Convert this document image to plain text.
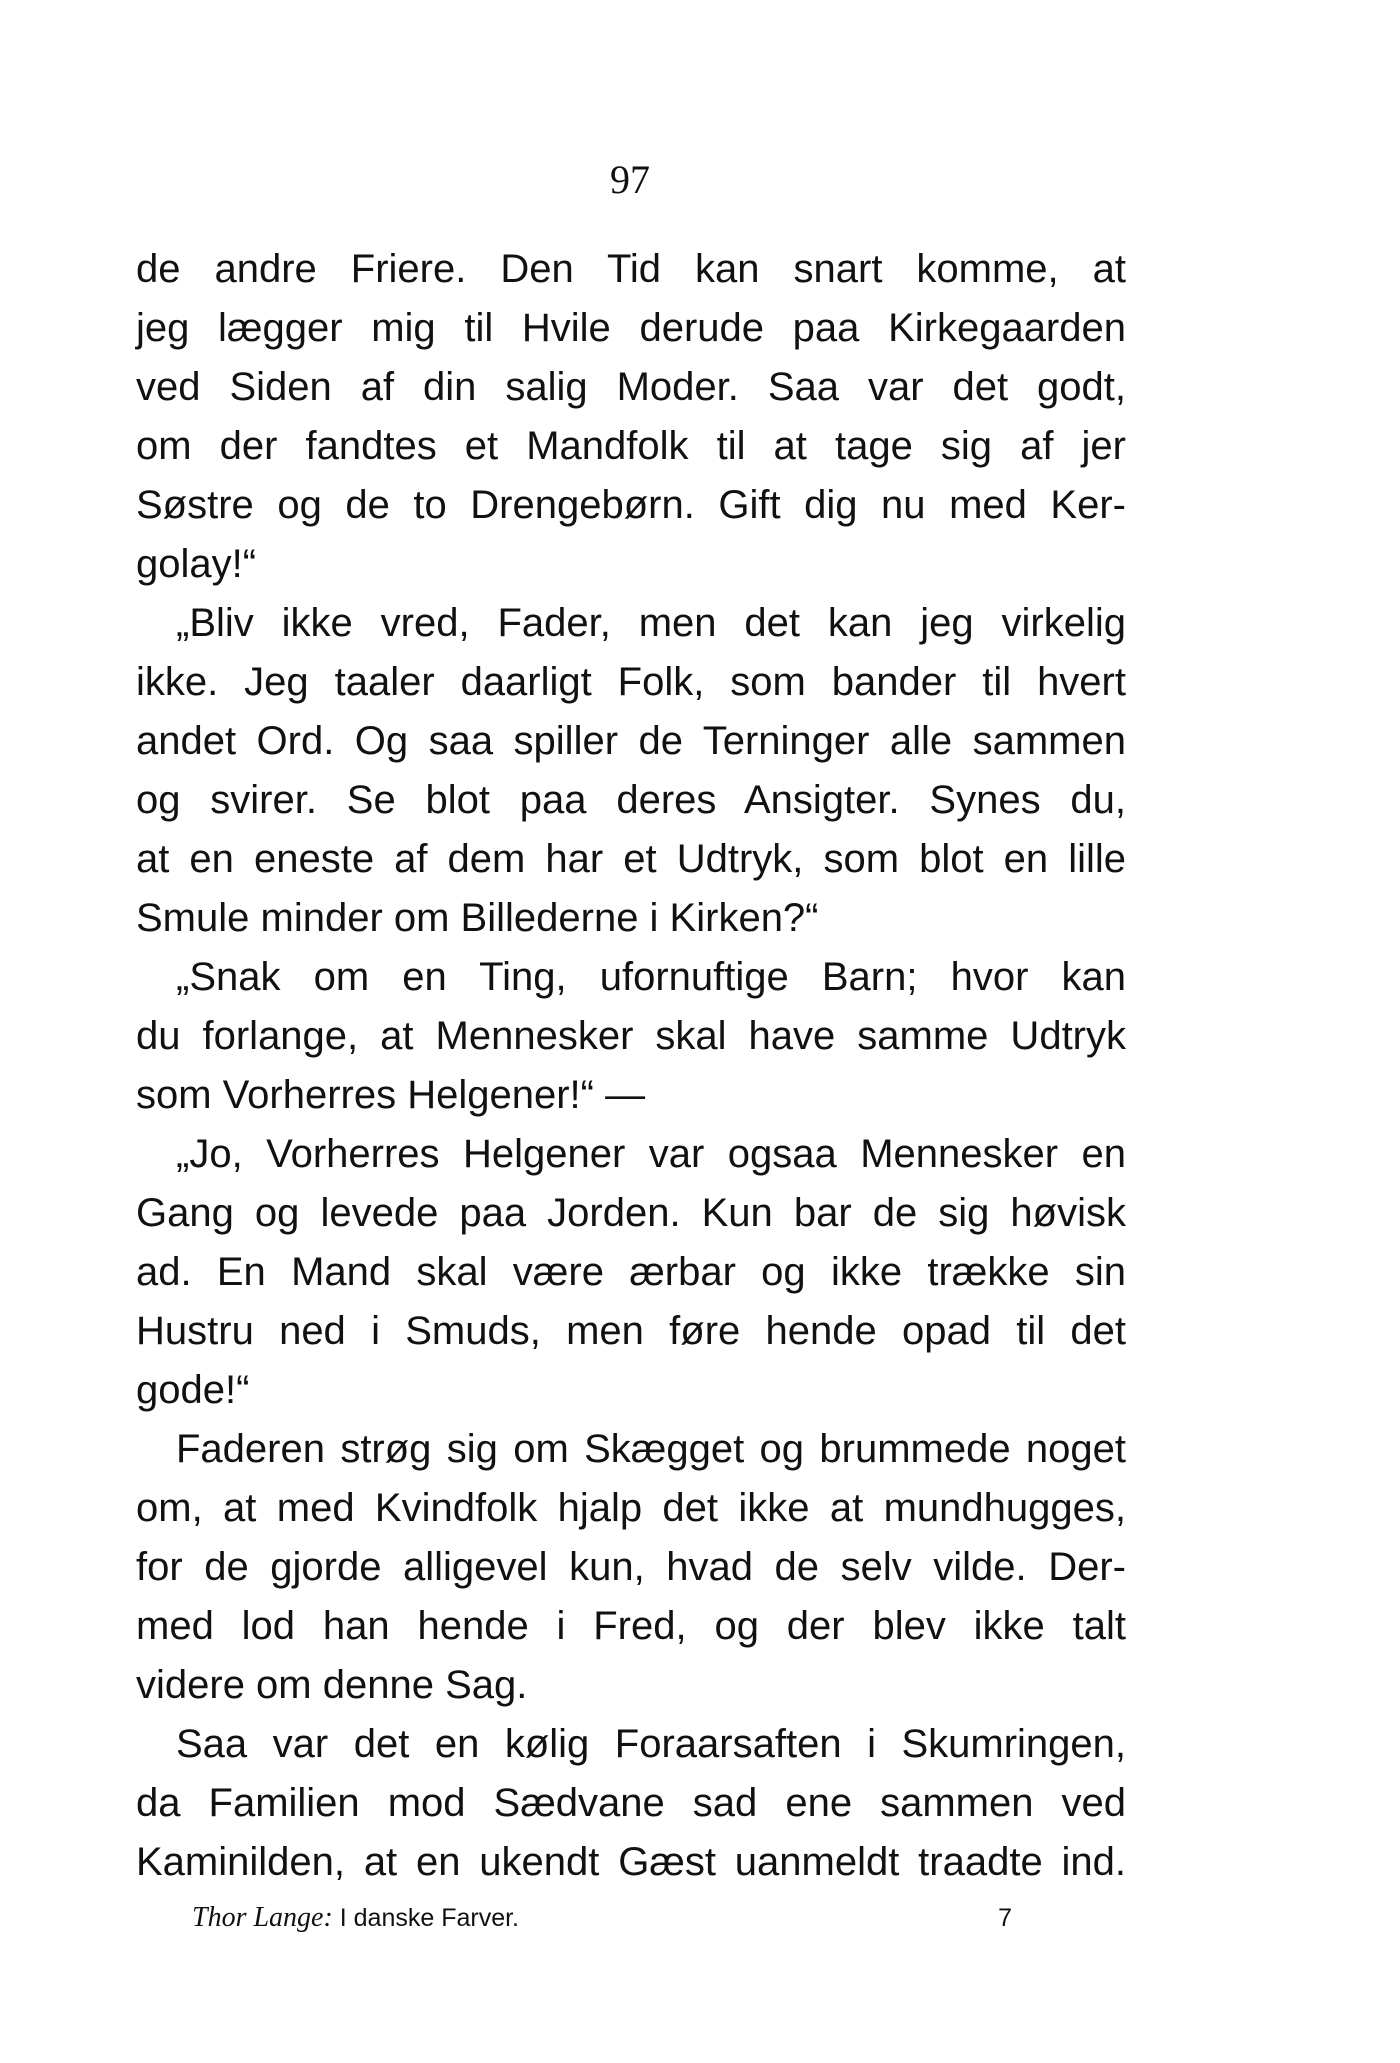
97
de andre Friere. Den Tid kan snart komme, at
jeg lægger mig til Hvile derude paa Kirkegaarden
ved Siden af din salig Moder. Saa var det godt,
om der fandtes et Mandfolk til at tage sig af jer
Søstre og de to Drengebørn. Gift dig nu med Ker-
golay!“
„Bliv ikke vred, Fader, men det kan jeg virkelig
ikke. Jeg taaler daarligt Folk, som bander til hvert
andet Ord. Og saa spiller de Terninger alle sammen
og svirer. Se blot paa deres Ansigter. Synes du,
at en eneste af dem har et Udtryk, som blot en lille
Smule minder om Billederne i Kirken?“
„Snak om en Ting, ufornuftige Barn; hvor kan
du forlange, at Mennesker skal have samme Udtryk
som Vorherres Helgener!“ —
„Jo, Vorherres Helgener var ogsaa Mennesker en
Gang og levede paa Jorden. Kun bar de sig høvisk
ad. En Mand skal være ærbar og ikke trække sin
Hustru ned i Smuds, men føre hende opad til det
gode!“
Faderen strøg sig om Skægget og brummede noget
om, at med Kvindfolk hjalp det ikke at mundhugges,
for de gjorde alligevel kun, hvad de selv vilde. Der-
med lod han hende i Fred, og der blev ikke talt
videre om denne Sag.
Saa var det en kølig Foraarsaften i Skumringen,
da Familien mod Sædvane sad ene sammen ved
Kaminilden, at en ukendt Gæst uanmeldt traadte ind.
Thor Lange: I danske Farver.	7
